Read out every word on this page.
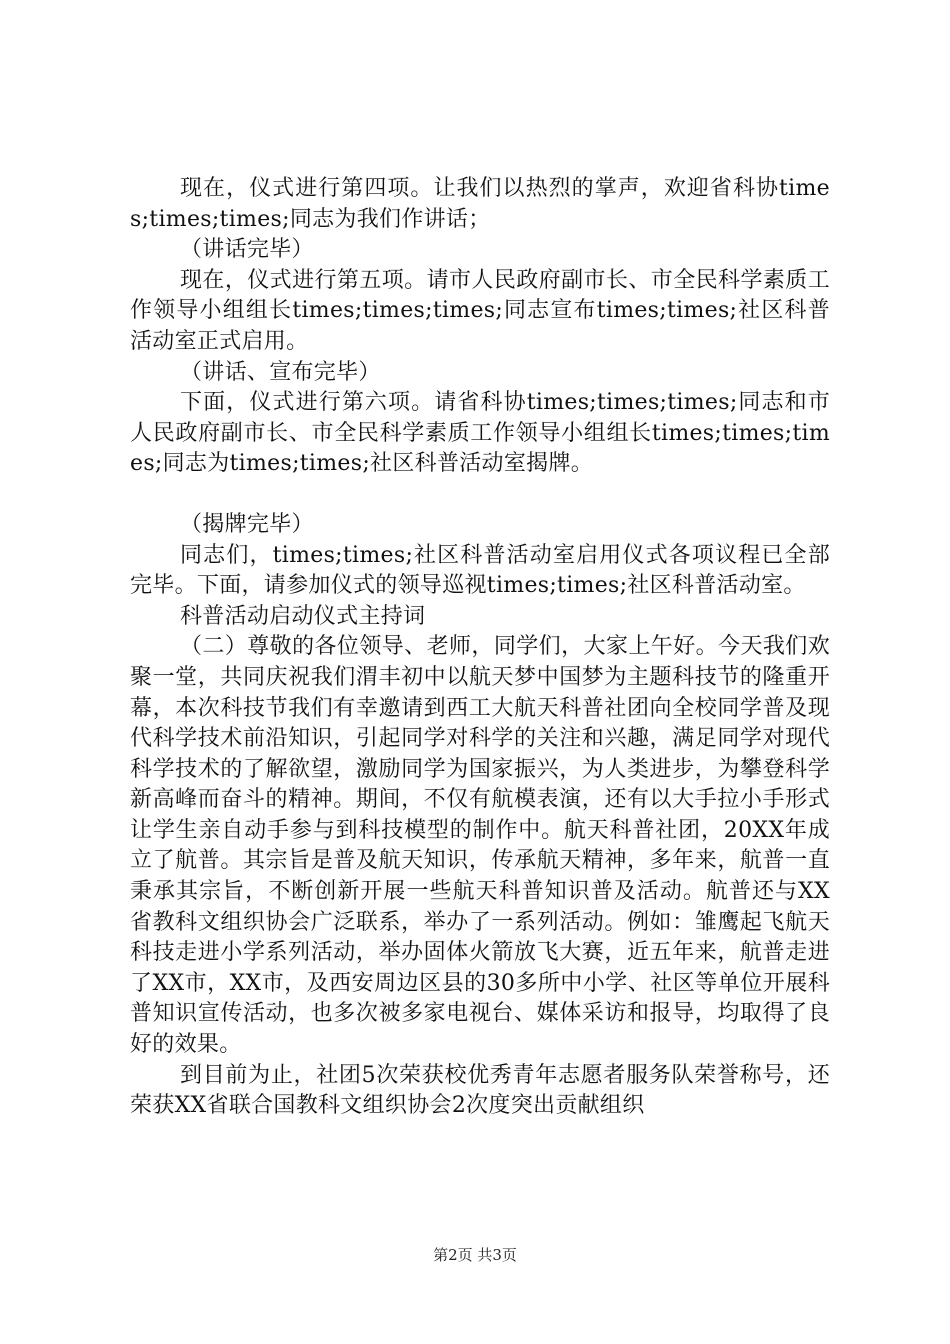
现在，仪式进行第四项。让我们以热烈的掌声，欢迎省科协times;times;times;同志为我们作讲话；

（讲话完毕）

现在，仪式进行第五项。请市人民政府副市长、市全民科学素质工作领导小组组长times;times;times;同志宣布times;times;社区科普活动室正式启用。

（讲话、宣布完毕）

下面，仪式进行第六项。请省科协times;times;times;同志和市人民政府副市长、市全民科学素质工作领导小组组长times;times;times;同志为times;times;社区科普活动室揭牌。

（揭牌完毕）

同志们，times;times;社区科普活动室启用仪式各项议程已全部完毕。下面，请参加仪式的领导巡视times;times;社区科普活动室。

科普活动启动仪式主持词

（二）尊敬的各位领导、老师，同学们，大家上午好。今天我们欢聚一堂，共同庆祝我们渭丰初中以航天梦中国梦为主题科技节的隆重开幕，本次科技节我们有幸邀请到西工大航天科普社团向全校同学普及现代科学技术前沿知识，引起同学对科学的关注和兴趣，满足同学对现代科学技术的了解欲望，激励同学为国家振兴，为人类进步，为攀登科学新高峰而奋斗的精神。期间，不仅有航模表演，还有以大手拉小手形式让学生亲自动手参与到科技模型的制作中。航天科普社团，20XX年成立了航普。其宗旨是普及航天知识，传承航天精神，多年来，航普一直秉承其宗旨，不断创新开展一些航天科普知识普及活动。航普还与XX省教科文组织协会广泛联系，举办了一系列活动。例如：雏鹰起飞航天科技走进小学系列活动，举办固体火箭放飞大赛，近五年来，航普走进了XX市，XX市，及西安周边区县的30多所中小学、社区等单位开展科普知识宣传活动，也多次被多家电视台、媒体采访和报导，均取得了良好的效果。

到目前为止，社团5次荣获校优秀青年志愿者服务队荣誉称号，还荣获XX省联合国教科文组织协会2次度突出贡献组织

第2页 共3页
